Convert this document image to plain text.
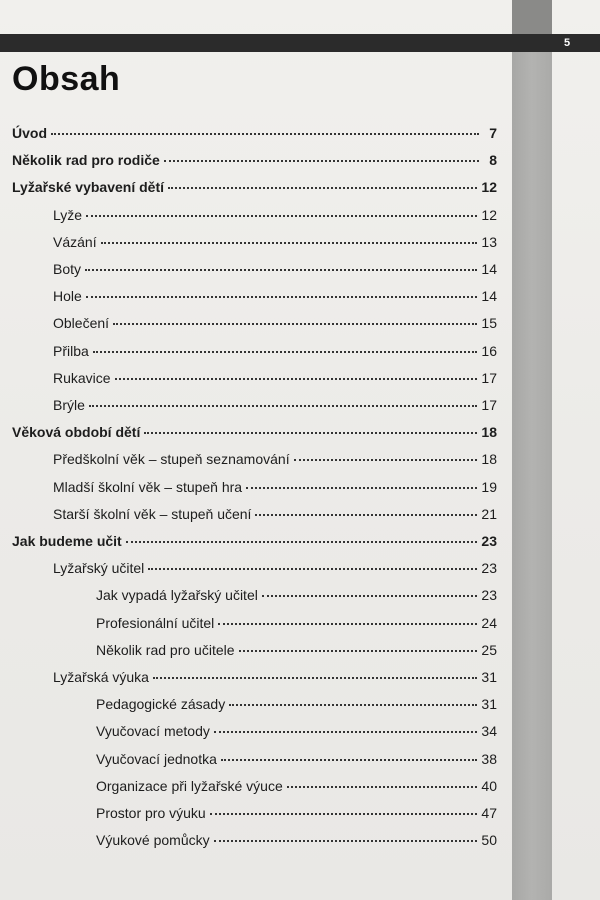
5
Obsah
Úvod	7
Několik rad pro rodiče	8
Lyžařské vybavení dětí	12
Lyže	12
Vázání	13
Boty	14
Hole	14
Oblečení	15
Přilba	16
Rukavice	17
Brýle	17
Věková období dětí	18
Předškolní věk – stupeň seznamování	18
Mladší školní věk – stupeň hra	19
Starší školní věk – stupeň učení	21
Jak budeme učit	23
Lyžařský učitel	23
Jak vypadá lyžařský učitel	23
Profesionální učitel	24
Několik rad pro učitele	25
Lyžařská výuka	31
Pedagogické zásady	31
Vyučovací metody	34
Vyučovací jednotka	38
Organizace při lyžařské výuce	40
Prostor pro výuku	47
Výukové pomůcky	50
